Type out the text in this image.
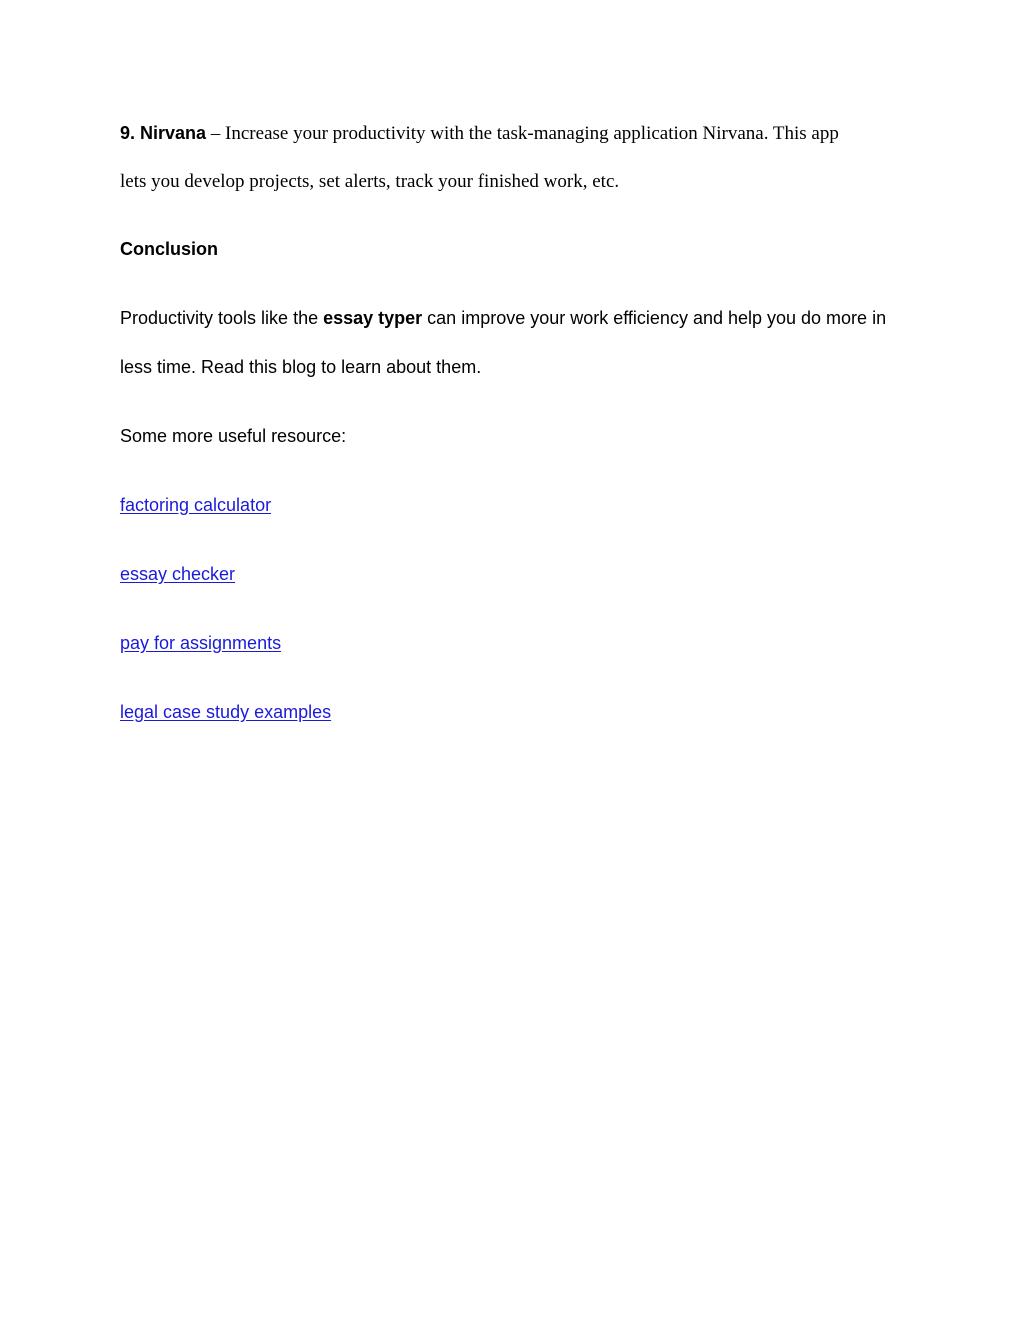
9. Nirvana – Increase your productivity with the task-managing application Nirvana. This app
lets you develop projects, set alerts, track your finished work, etc.
Conclusion
Productivity tools like the essay typer can improve your work efficiency and help you do more in
less time. Read this blog to learn about them.
Some more useful resource:
factoring calculator
essay checker
pay for assignments
legal case study examples
